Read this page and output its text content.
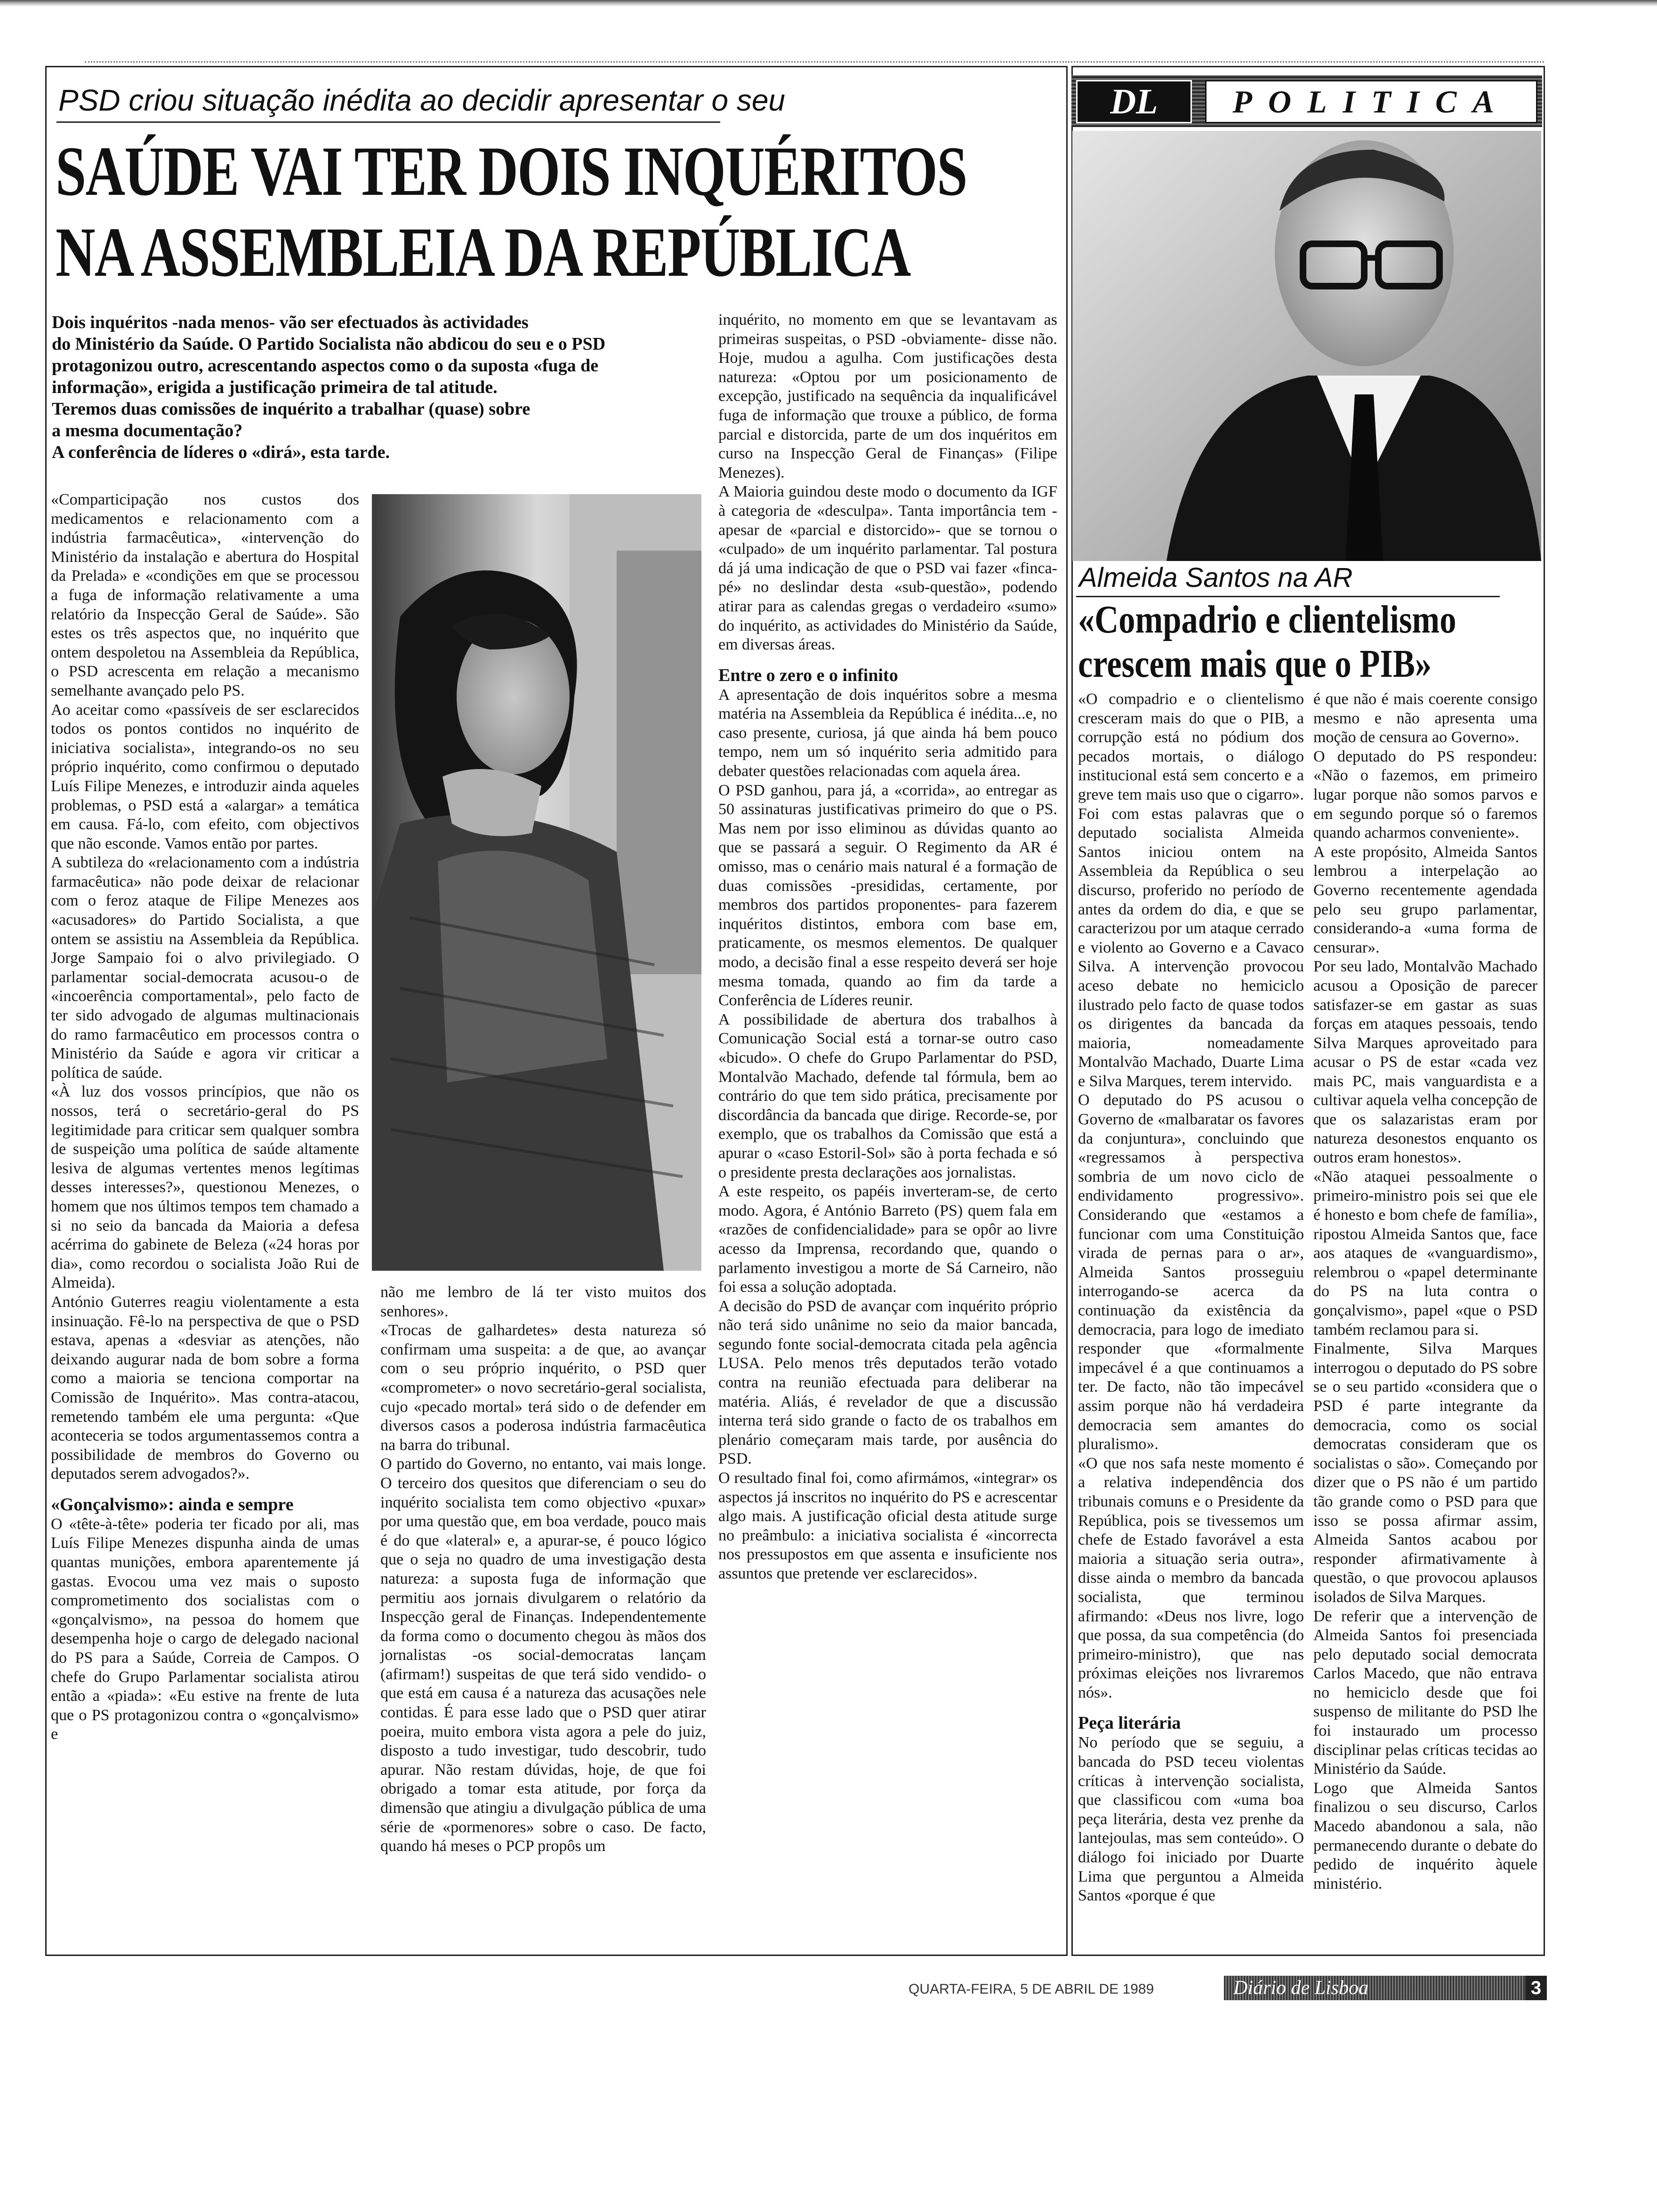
PSD criou situação inédita ao decidir apresentar o seu
SAÚDE VAI TER DOIS INQUÉRITOS
NA ASSEMBLEIA DA REPÚBLICA
Dois inquéritos -nada menos- vão ser efectuados às actividades
do Ministério da Saúde. O Partido Socialista não abdicou do seu e o PSD
protagonizou outro, acrescentando aspectos como o da suposta «fuga de
informação», erigida a justificação primeira de tal atitude.
Teremos duas comissões de inquérito a trabalhar (quase) sobre
a mesma documentação?
A conferência de líderes o «dirá», esta tarde.

«Comparticipação nos custos dos medicamentos e relacionamento com a indústria farmacêutica», «intervenção do Ministério da instalação e abertura do Hospital da Prelada» e «condições em que se processou a fuga de informação relativamente a uma relatório da Inspecção Geral de Saúde». São estes os três aspectos que, no inquérito que ontem despoletou na Assembleia da República, o PSD acrescenta em relação a mecanismo semelhante avançado pelo PS.

Ao aceitar como «passíveis de ser esclarecidos todos os pontos contidos no inquérito de iniciativa socialista», integrando-os no seu próprio inquérito, como confirmou o deputado Luís Filipe Menezes, e introduzir ainda aqueles problemas, o PSD está a «alargar» a temática em causa. Fá-lo, com efeito, com objectivos que não esconde. Vamos então por partes.

A subtileza do «relacionamento com a indústria farmacêutica» não pode deixar de relacionar com o feroz ataque de Filipe Menezes aos «acusadores» do Partido Socialista, a que ontem se assistiu na Assembleia da República. Jorge Sampaio foi o alvo privilegiado. O parlamentar social-democrata acusou-o de «incoerência comportamental», pelo facto de ter sido advogado de algumas multinacionais do ramo farmacêutico em processos contra o Ministério da Saúde e agora vir criticar a política de saúde.

«À luz dos vossos princípios, que não os nossos, terá o secretário-geral do PS legitimidade para criticar sem qualquer sombra de suspeição uma política de saúde altamente lesiva de algumas vertentes menos legítimas desses interesses?», questionou Menezes, o homem que nos últimos tempos tem chamado a si no seio da bancada da Maioria a defesa acérrima do gabinete de Beleza («24 horas por dia», como recordou o socialista João Rui de Almeida).

António Guterres reagiu violentamente a esta insinuação. Fê-lo na perspectiva de que o PSD estava, apenas a «desviar as atenções, não deixando augurar nada de bom sobre a forma como a maioria se tenciona comportar na Comissão de Inquérito». Mas contra-atacou, remetendo também ele uma pergunta: «Que aconteceria se todos argumentassemos contra a possibilidade de membros do Governo ou deputados serem advogados?».

«Gonçalvismo»: ainda e sempre

O «tête-à-tête» poderia ter ficado por ali, mas Luís Filipe Menezes dispunha ainda de umas quantas munições, embora aparentemente já gastas. Evocou uma vez mais o suposto comprometimento dos socialistas com o «gonçalvismo», na pessoa do homem que desempenha hoje o cargo de delegado nacional do PS para a Saúde, Correia de Campos. O chefe do Grupo Parlamentar socialista atirou então a «piada»: «Eu estive na frente de luta que o PS protagonizou contra o «gonçalvismo» e

não me lembro de lá ter visto muitos dos senhores».

«Trocas de galhardetes» desta natureza só confirmam uma suspeita: a de que, ao avançar com o seu próprio inquérito, o PSD quer «comprometer» o novo secretário-geral socialista, cujo «pecado mortal» terá sido o de defender em diversos casos a poderosa indústria farmacêutica na barra do tribunal.

O partido do Governo, no entanto, vai mais longe. O terceiro dos quesitos que diferenciam o seu do inquérito socialista tem como objectivo «puxar» por uma questão que, em boa verdade, pouco mais é do que «lateral» e, a apurar-se, é pouco lógico que o seja no quadro de uma investigação desta natureza: a suposta fuga de informação que permitiu aos jornais divulgarem o relatório da Inspecção geral de Finanças. Independentemente da forma como o documento chegou às mãos dos jornalistas -os social-democratas lançam (afirmam!) suspeitas de que terá sido vendido- o que está em causa é a natureza das acusações nele contidas. É para esse lado que o PSD quer atirar poeira, muito embora vista agora a pele do juiz, disposto a tudo investigar, tudo descobrir, tudo apurar. Não restam dúvidas, hoje, de que foi obrigado a tomar esta atitude, por força da dimensão que atingiu a divulgação pública de uma série de «pormenores» sobre o caso. De facto, quando há meses o PCP propôs um

inquérito, no momento em que se levantavam as primeiras suspeitas, o PSD -obviamente- disse não. Hoje, mudou a agulha. Com justificações desta natureza: «Optou por um posicionamento de excepção, justificado na sequência da inqualificável fuga de informação que trouxe a público, de forma parcial e distorcida, parte de um dos inquéritos em curso na Inspecção Geral de Finanças» (Filipe Menezes).

A Maioria guindou deste modo o documento da IGF à categoria de «desculpa». Tanta importância tem -apesar de «parcial e distorcido»- que se tornou o «culpado» de um inquérito parlamentar. Tal postura dá já uma indicação de que o PSD vai fazer «finca-pé» no deslindar desta «sub-questão», podendo atirar para as calendas gregas o verdadeiro «sumo» do inquérito, as actividades do Ministério da Saúde, em diversas áreas.

Entre o zero e o infinito

A apresentação de dois inquéritos sobre a mesma matéria na Assembleia da República é inédita...e, no caso presente, curiosa, já que ainda há bem pouco tempo, nem um só inquérito seria admitido para debater questões relacionadas com aquela área.

O PSD ganhou, para já, a «corrida», ao entregar as 50 assinaturas justificativas primeiro do que o PS. Mas nem por isso eliminou as dúvidas quanto ao que se passará a seguir. O Regimento da AR é omisso, mas o cenário mais natural é a formação de duas comissões -presididas, certamente, por membros dos partidos proponentes- para fazerem inquéritos distintos, embora com base em, praticamente, os mesmos elementos. De qualquer modo, a decisão final a esse respeito deverá ser hoje mesma tomada, quando ao fim da tarde a Conferência de Líderes reunir.

A possibilidade de abertura dos trabalhos à Comunicação Social está a tornar-se outro caso «bicudo». O chefe do Grupo Parlamentar do PSD, Montalvão Machado, defende tal fórmula, bem ao contrário do que tem sido prática, precisamente por discordância da bancada que dirige. Recorde-se, por exemplo, que os trabalhos da Comissão que está a apurar o «caso Estoril-Sol» são à porta fechada e só o presidente presta declarações aos jornalistas.

A este respeito, os papéis inverteram-se, de certo modo. Agora, é António Barreto (PS) quem fala em «razões de confidencialidade» para se opôr ao livre acesso da Imprensa, recordando que, quando o parlamento investigou a morte de Sá Carneiro, não foi essa a solução adoptada.

A decisão do PSD de avançar com inquérito próprio não terá sido unânime no seio da maior bancada, segundo fonte social-democrata citada pela agência LUSA. Pelo menos três deputados terão votado contra na reunião efectuada para deliberar na matéria. Aliás, é revelador de que a discussão interna terá sido grande o facto de os trabalhos em plenário começaram mais tarde, por ausência do PSD.

O resultado final foi, como afirmámos, «integrar» os aspectos já inscritos no inquérito do PS e acrescentar algo mais. A justificação oficial desta atitude surge no preâmbulo: a iniciativa socialista é «incorrecta nos pressupostos em que assenta e insuficiente nos assuntos que pretende ver esclarecidos».

DL	POLITICA
Almeida Santos na AR
«Compadrio e clientelismo
crescem mais que o PIB»

«O compadrio e o clientelismo cresceram mais do que o PIB, a corrupção está no pódium dos pecados mortais, o diálogo institucional está sem concerto e a greve tem mais uso que o cigarro». Foi com estas palavras que o deputado socialista Almeida Santos iniciou ontem na Assembleia da República o seu discurso, proferido no período de antes da ordem do dia, e que se caracterizou por um ataque cerrado e violento ao Governo e a Cavaco Silva. A intervenção provocou aceso debate no hemiciclo ilustrado pelo facto de quase todos os dirigentes da bancada da maioria, nomeadamente Montalvão Machado, Duarte Lima e Silva Marques, terem intervido.

O deputado do PS acusou o Governo de «malbaratar os favores da conjuntura», concluindo que «regressamos à perspectiva sombria de um novo ciclo de endividamento progressivo». Considerando que «estamos a funcionar com uma Constituição virada de pernas para o ar», Almeida Santos prosseguiu interrogando-se acerca da continuação da existência da democracia, para logo de imediato responder que «formalmente impecável é a que continuamos a ter. De facto, não tão impecável assim porque não há verdadeira democracia sem amantes do pluralismo».

«O que nos safa neste momento é a relativa independência dos tribunais comuns e o Presidente da República, pois se tivessemos um chefe de Estado favorável a esta maioria a situação seria outra», disse ainda o membro da bancada socialista, que terminou afirmando: «Deus nos livre, logo que possa, da sua competência (do primeiro-ministro), que nas próximas eleições nos livraremos nós».

Peça literária

No período que se seguiu, a bancada do PSD teceu violentas críticas à intervenção socialista, que classificou com «uma boa peça literária, desta vez prenhe da lantejoulas, mas sem conteúdo». O diálogo foi iniciado por Duarte Lima que perguntou a Almeida Santos «porque é que

é que não é mais coerente consigo mesmo e não apresenta uma moção de censura ao Governo».

O deputado do PS respondeu: «Não o fazemos, em primeiro lugar porque não somos parvos e em segundo porque só o faremos quando acharmos conveniente».

A este propósito, Almeida Santos lembrou a interpelação ao Governo recentemente agendada pelo seu grupo parlamentar, considerando-a «uma forma de censurar».

Por seu lado, Montalvão Machado acusou a Oposição de parecer satisfazer-se em gastar as suas forças em ataques pessoais, tendo Silva Marques aproveitado para acusar o PS de estar «cada vez mais PC, mais vanguardista e a cultivar aquela velha concepção de que os salazaristas eram por natureza desonestos enquanto os outros eram honestos».

«Não ataquei pessoalmente o primeiro-ministro pois sei que ele é honesto e bom chefe de família», ripostou Almeida Santos que, face aos ataques de «vanguardismo», relembrou o «papel determinante do PS na luta contra o gonçalvismo», papel «que o PSD também reclamou para si.

Finalmente, Silva Marques interrogou o deputado do PS sobre se o seu partido «considera que o PSD é parte integrante da democracia, como os social democratas consideram que os socialistas o são». Começando por dizer que o PS não é um partido tão grande como o PSD para que isso se possa afirmar assim, Almeida Santos acabou por responder afirmativamente à questão, o que provocou aplausos isolados de Silva Marques.

De referir que a intervenção de Almeida Santos foi presenciada pelo deputado social democrata Carlos Macedo, que não entrava no hemiciclo desde que foi suspenso de militante do PSD lhe foi instaurado um processo disciplinar pelas críticas tecidas ao Ministério da Saúde.

Logo que Almeida Santos finalizou o seu discurso, Carlos Macedo abandonou a sala, não permanecendo durante o debate do pedido de inquérito àquele ministério.

QUARTA-FEIRA, 5 DE ABRIL DE 1989	Diário de Lisboa	3
